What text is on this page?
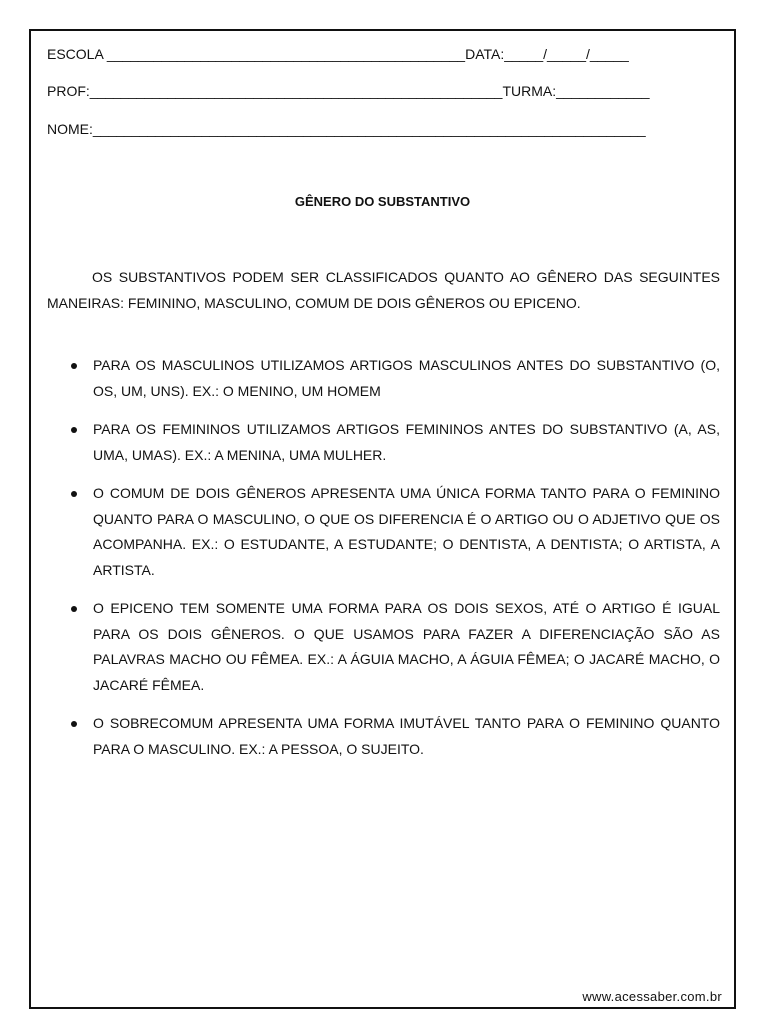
ESCOLA ______________________________________________DATA:_____/_____/_____
PROF:_____________________________________________________TURMA:____________
NOME:_______________________________________________________________________
GÊNERO DO SUBSTANTIVO

OS SUBSTANTIVOS PODEM SER CLASSIFICADOS QUANTO AO GÊNERO DAS SEGUINTES MANEIRAS: FEMININO, MASCULINO, COMUM DE DOIS GÊNEROS OU EPICENO.

PARA OS MASCULINOS UTILIZAMOS ARTIGOS MASCULINOS ANTES DO SUBSTANTIVO (O, OS, UM, UNS). EX.: O MENINO, UM HOMEM
PARA OS FEMININOS UTILIZAMOS ARTIGOS FEMININOS ANTES DO SUBSTANTIVO (A, AS, UMA, UMAS). EX.: A MENINA, UMA MULHER.
O COMUM DE DOIS GÊNEROS APRESENTA UMA ÚNICA FORMA TANTO PARA O FEMININO QUANTO PARA O MASCULINO, O QUE OS DIFERENCIA É O ARTIGO OU O ADJETIVO QUE OS ACOMPANHA. EX.: O ESTUDANTE, A ESTUDANTE; O DENTISTA, A DENTISTA; O ARTISTA, A ARTISTA.
O EPICENO TEM SOMENTE UMA FORMA PARA OS DOIS SEXOS, ATÉ O ARTIGO É IGUAL PARA OS DOIS GÊNEROS. O QUE USAMOS PARA FAZER A DIFERENCIAÇÃO SÃO AS PALAVRAS MACHO OU FÊMEA. EX.: A ÁGUIA MACHO, A ÁGUIA FÊMEA; O JACARÉ MACHO, O JACARÉ FÊMEA.
O SOBRECOMUM APRESENTA UMA FORMA IMUTÁVEL TANTO PARA O FEMININO QUANTO PARA O MASCULINO. EX.: A PESSOA, O SUJEITO.
www.acessaber.com.br
